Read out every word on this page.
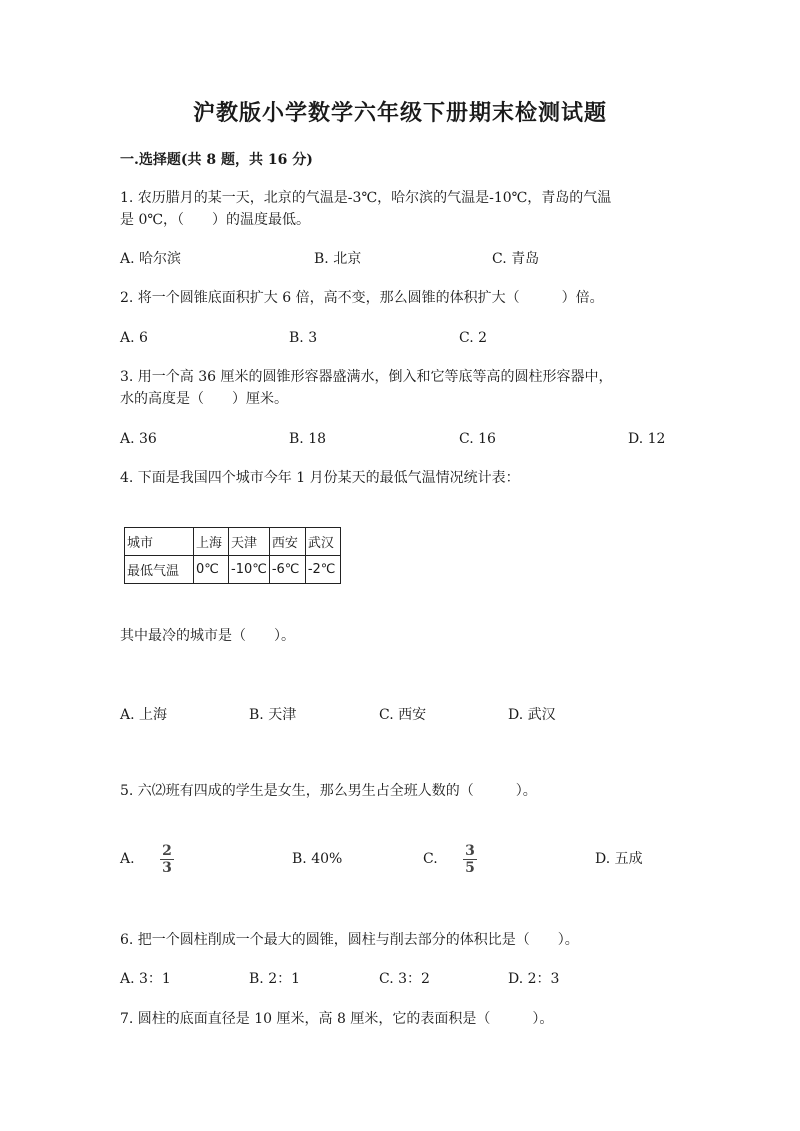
沪教版小学数学六年级下册期末检测试题
一.选择题(共 8 题，共 16 分)
1. 农历腊月的某一天，北京的气温是-3℃，哈尔滨的气温是-10℃，青岛的气温
是 0℃，（　　）的温度最低。
A. 哈尔滨	B. 北京	C. 青岛
2. 将一个圆锥底面积扩大 6 倍，高不变，那么圆锥的体积扩大（　　　）倍。
A. 6	B. 3	C. 2
3. 用一个高 36 厘米的圆锥形容器盛满水，倒入和它等底等高的圆柱形容器中，
水的高度是（　　）厘米。
A. 36	B. 18	C. 16	D. 12
4. 下面是我国四个城市今年 1 月份某天的最低气温情况统计表：
城市	上海	天津	西安	武汉
最低气温	0℃	-10℃	-6℃	-2℃
其中最冷的城市是（　　）。
A. 上海	B. 天津	C. 西安	D. 武汉
5. 六⑵班有四成的学生是女生，那么男生占全班人数的（　　　）。
A. $\frac{2}{3}$	B. 40%	C. $\frac{3}{5}$	D. 五成
6. 把一个圆柱削成一个最大的圆锥，圆柱与削去部分的体积比是（　　）。
A. 3：1	B. 2：1	C. 3：2	D. 2：3
7. 圆柱的底面直径是 10 厘米，高 8 厘米，它的表面积是（　　　）。
